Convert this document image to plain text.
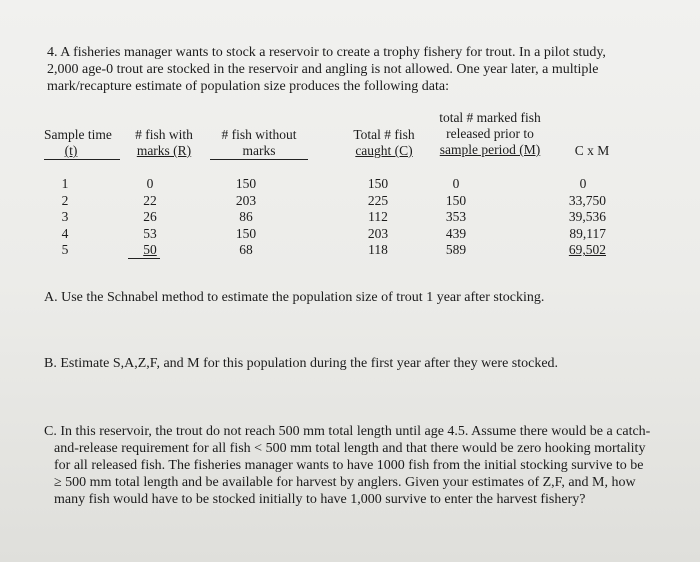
4. A fisheries manager wants to stock a reservoir to create a trophy fishery for trout. In a pilot study, 2,000 age-0 trout are stocked in the reservoir and angling is not allowed. One year later, a multiple mark/recapture estimate of population size produces the following data:

Sample time
(t)
# fish with
marks (R)
# fish without
marks
Total # fish
caught (C)
total # marked fish
released prior to
sample period (M)	C x M
1
2
3
4
5
0
22
26
53
50
150
203
86
150
68
150
225
112
203
118
0
150
353
439
589
0
33,750
39,536
89,117
69,502

A. Use the Schnabel method to estimate the population size of trout 1 year after stocking.

B. Estimate S,A,Z,F, and M for this population during the first year after they were stocked.

C. In this reservoir, the trout do not reach 500 mm total length until age 4.5. Assume there would be a catch-and-release requirement for all fish < 500 mm total length and that there would be zero hooking mortality for all released fish. The fisheries manager wants to have 1000 fish from the initial stocking survive to be ≥ 500 mm total length and be available for harvest by anglers. Given your estimates of Z,F, and M, how many fish would have to be stocked initially to have 1,000 survive to enter the harvest fishery?
